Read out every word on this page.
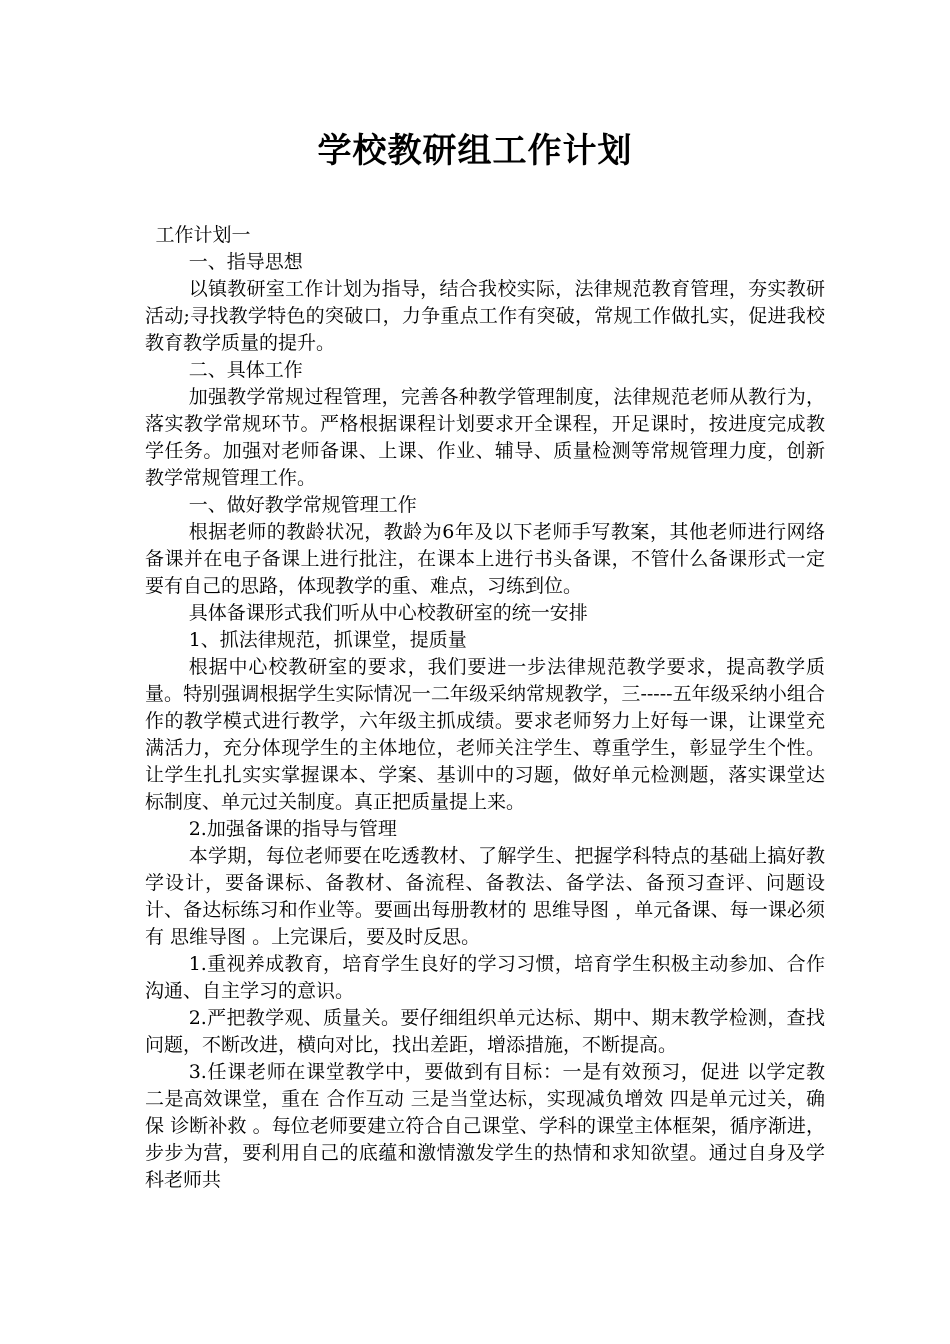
学校教研组工作计划

工作计划一

一、指导思想

以镇教研室工作计划为指导，结合我校实际，法律规范教育管理，夯实教研活动;寻找教学特色的突破口，力争重点工作有突破，常规工作做扎实，促进我校教育教学质量的提升。

二、具体工作

加强教学常规过程管理，完善各种教学管理制度，法律规范老师从教行为，落实教学常规环节。严格根据课程计划要求开全课程，开足课时，按进度完成教学任务。加强对老师备课、上课、作业、辅导、质量检测等常规管理力度，创新教学常规管理工作。

一、做好教学常规管理工作

根据老师的教龄状况，教龄为6年及以下老师手写教案，其他老师进行网络备课并在电子备课上进行批注，在课本上进行书头备课，不管什么备课形式一定要有自己的思路，体现教学的重、难点，习练到位。

具体备课形式我们听从中心校教研室的统一安排

1、抓法律规范，抓课堂，提质量

根据中心校教研室的要求，我们要进一步法律规范教学要求，提高教学质量。特别强调根据学生实际情况一二年级采纳常规教学，三-----五年级采纳小组合作的教学模式进行教学，六年级主抓成绩。要求老师努力上好每一课，让课堂充满活力，充分体现学生的主体地位，老师关注学生、尊重学生，彰显学生个性。让学生扎扎实实掌握课本、学案、基训中的习题，做好单元检测题，落实课堂达标制度、单元过关制度。真正把质量提上来。

2.加强备课的指导与管理

本学期，每位老师要在吃透教材、了解学生、把握学科特点的基础上搞好教学设计，要备课标、备教材、备流程、备教法、备学法、备预习查评、问题设计、备达标练习和作业等。要画出每册教材的 思维导图 ，单元备课、每一课必须有 思维导图 。上完课后，要及时反思。

1.重视养成教育，培育学生良好的学习习惯，培育学生积极主动参加、合作沟通、自主学习的意识。

2.严把教学观、质量关。要仔细组织单元达标、期中、期末教学检测，查找问题，不断改进，横向对比，找出差距，增添措施，不断提高。

3.任课老师在课堂教学中，要做到有目标：一是有效预习，促进 以学定教 二是高效课堂，重在 合作互动 三是当堂达标，实现减负增效 四是单元过关，确保 诊断补救 。每位老师要建立符合自己课堂、学科的课堂主体框架，循序渐进，步步为营，要利用自己的底蕴和激情激发学生的热情和求知欲望。通过自身及学科老师共
